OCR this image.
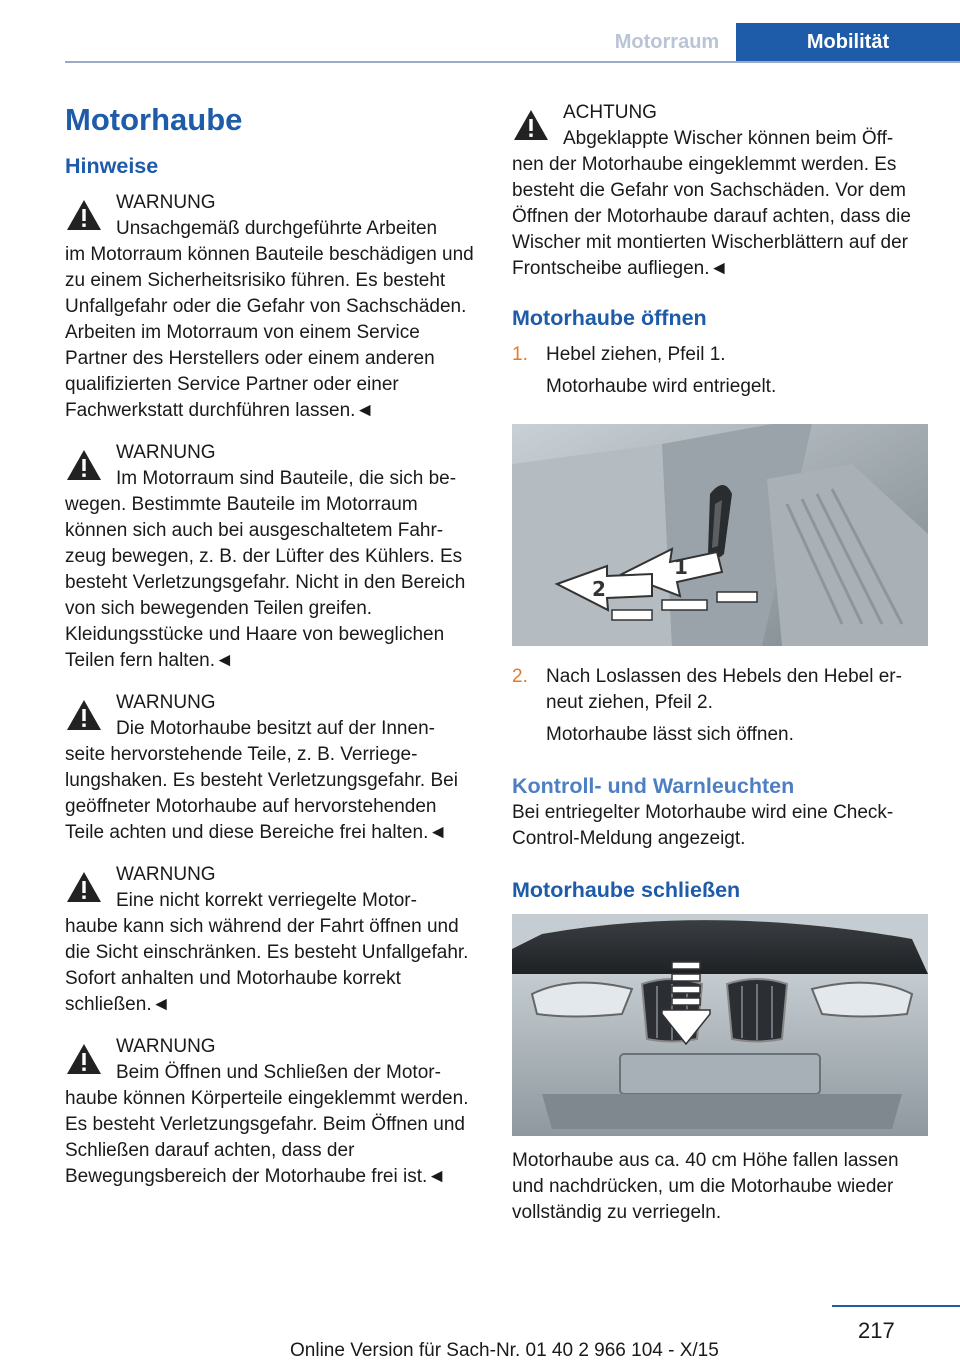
Motorraum	Mobilität
Motorhaube
Hinweise
WARNUNG
Unsachgemäß durchgeführte Arbeiten
im Motorraum können Bauteile beschädigen und zu einem Sicherheitsrisiko führen. Es besteht Unfallgefahr oder die Gefahr von Sachschäden. Arbeiten im Motorraum von einem Service Partner des Herstellers oder einem anderen qualifizierten Service Partner oder einer Fachwerkstatt durchführen lassen.◄
WARNUNG
Im Motorraum sind Bauteile, die sich be-
wegen. Bestimmte Bauteile im Motorraum können sich auch bei ausgeschaltetem Fahrzeug bewegen, z. B. der Lüfter des Kühlers. Es besteht Verletzungsgefahr. Nicht in den Bereich von sich bewegenden Teilen greifen. Kleidungsstücke und Haare von beweglichen Teilen fern halten.◄
WARNUNG
Die Motorhaube besitzt auf der Innen-
seite hervorstehende Teile, z. B. Verriegelungshaken. Es besteht Verletzungsgefahr. Bei geöffneter Motorhaube auf hervorstehenden Teile achten und diese Bereiche frei halten.◄
WARNUNG
Eine nicht korrekt verriegelte Motor-
haube kann sich während der Fahrt öffnen und die Sicht einschränken. Es besteht Unfallgefahr. Sofort anhalten und Motorhaube korrekt schließen.◄
WARNUNG
Beim Öffnen und Schließen der Motor-
haube können Körperteile eingeklemmt werden. Es besteht Verletzungsgefahr. Beim Öffnen und Schließen darauf achten, dass der Bewegungsbereich der Motorhaube frei ist.◄
ACHTUNG
Abgeklappte Wischer können beim Öff-
nen der Motorhaube eingeklemmt werden. Es besteht die Gefahr von Sachschäden. Vor dem Öffnen der Motorhaube darauf achten, dass die Wischer mit montierten Wischerblättern auf der Frontscheibe aufliegen.◄
Motorhaube öffnen
1. Hebel ziehen, Pfeil 1.
Motorhaube wird entriegelt.
1
2
2. Nach Loslassen des Hebels den Hebel erneut ziehen, Pfeil 2.
Motorhaube lässt sich öffnen.
Kontroll- und Warnleuchten

Bei entriegelter Motorhaube wird eine Check-Control-Meldung angezeigt.

Motorhaube schließen

Motorhaube aus ca. 40 cm Höhe fallen lassen und nachdrücken, um die Motorhaube wieder vollständig zu verriegeln.

217
Online Version für Sach-Nr. 01 40 2 966 104 - X/15
